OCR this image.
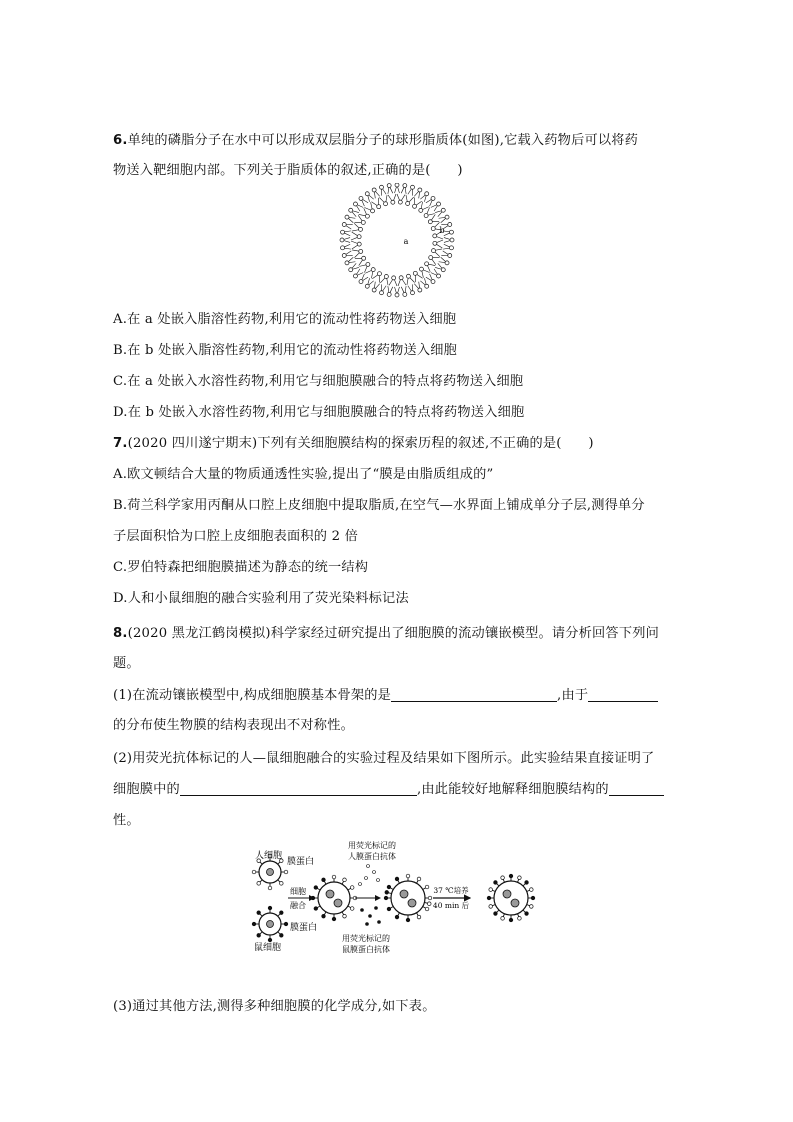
6.单纯的磷脂分子在水中可以形成双层脂分子的球形脂质体(如图),它载入药物后可以将药
物送入靶细胞内部。下列关于脂质体的叙述,正确的是(　　)
a
b
A.在 a 处嵌入脂溶性药物,利用它的流动性将药物送入细胞
B.在 b 处嵌入脂溶性药物,利用它的流动性将药物送入细胞
C.在 a 处嵌入水溶性药物,利用它与细胞膜融合的特点将药物送入细胞
D.在 b 处嵌入水溶性药物,利用它与细胞膜融合的特点将药物送入细胞
7.(2020 四川遂宁期末)下列有关细胞膜结构的探索历程的叙述,不正确的是(　　)
A.欧文顿结合大量的物质通透性实验,提出了“膜是由脂质组成的”
B.荷兰科学家用丙酮从口腔上皮细胞中提取脂质,在空气—水界面上铺成单分子层,测得单分
子层面积恰为口腔上皮细胞表面积的 2 倍
C.罗伯特森把细胞膜描述为静态的统一结构
D.人和小鼠细胞的融合实验利用了荧光染料标记法
8.(2020 黑龙江鹤岗模拟)科学家经过研究提出了细胞膜的流动镶嵌模型。请分析回答下列问
题。
(1)在流动镶嵌模型中,构成细胞膜基本骨架的是	,由于
的分布使生物膜的结构表现出不对称性。
(2)用荧光抗体标记的人—鼠细胞融合的实验过程及结果如下图所示。此实验结果直接证明了
细胞膜中的	,由此能较好地解释细胞膜结构的
性。
人细胞
膜蛋白
细胞
融合
膜蛋白
鼠细胞
用荧光标记的
人膜蛋白抗体
用荧光标记的
鼠膜蛋白抗体
37 ℃培养
40 min 后
(3)通过其他方法,测得多种细胞膜的化学成分,如下表。
